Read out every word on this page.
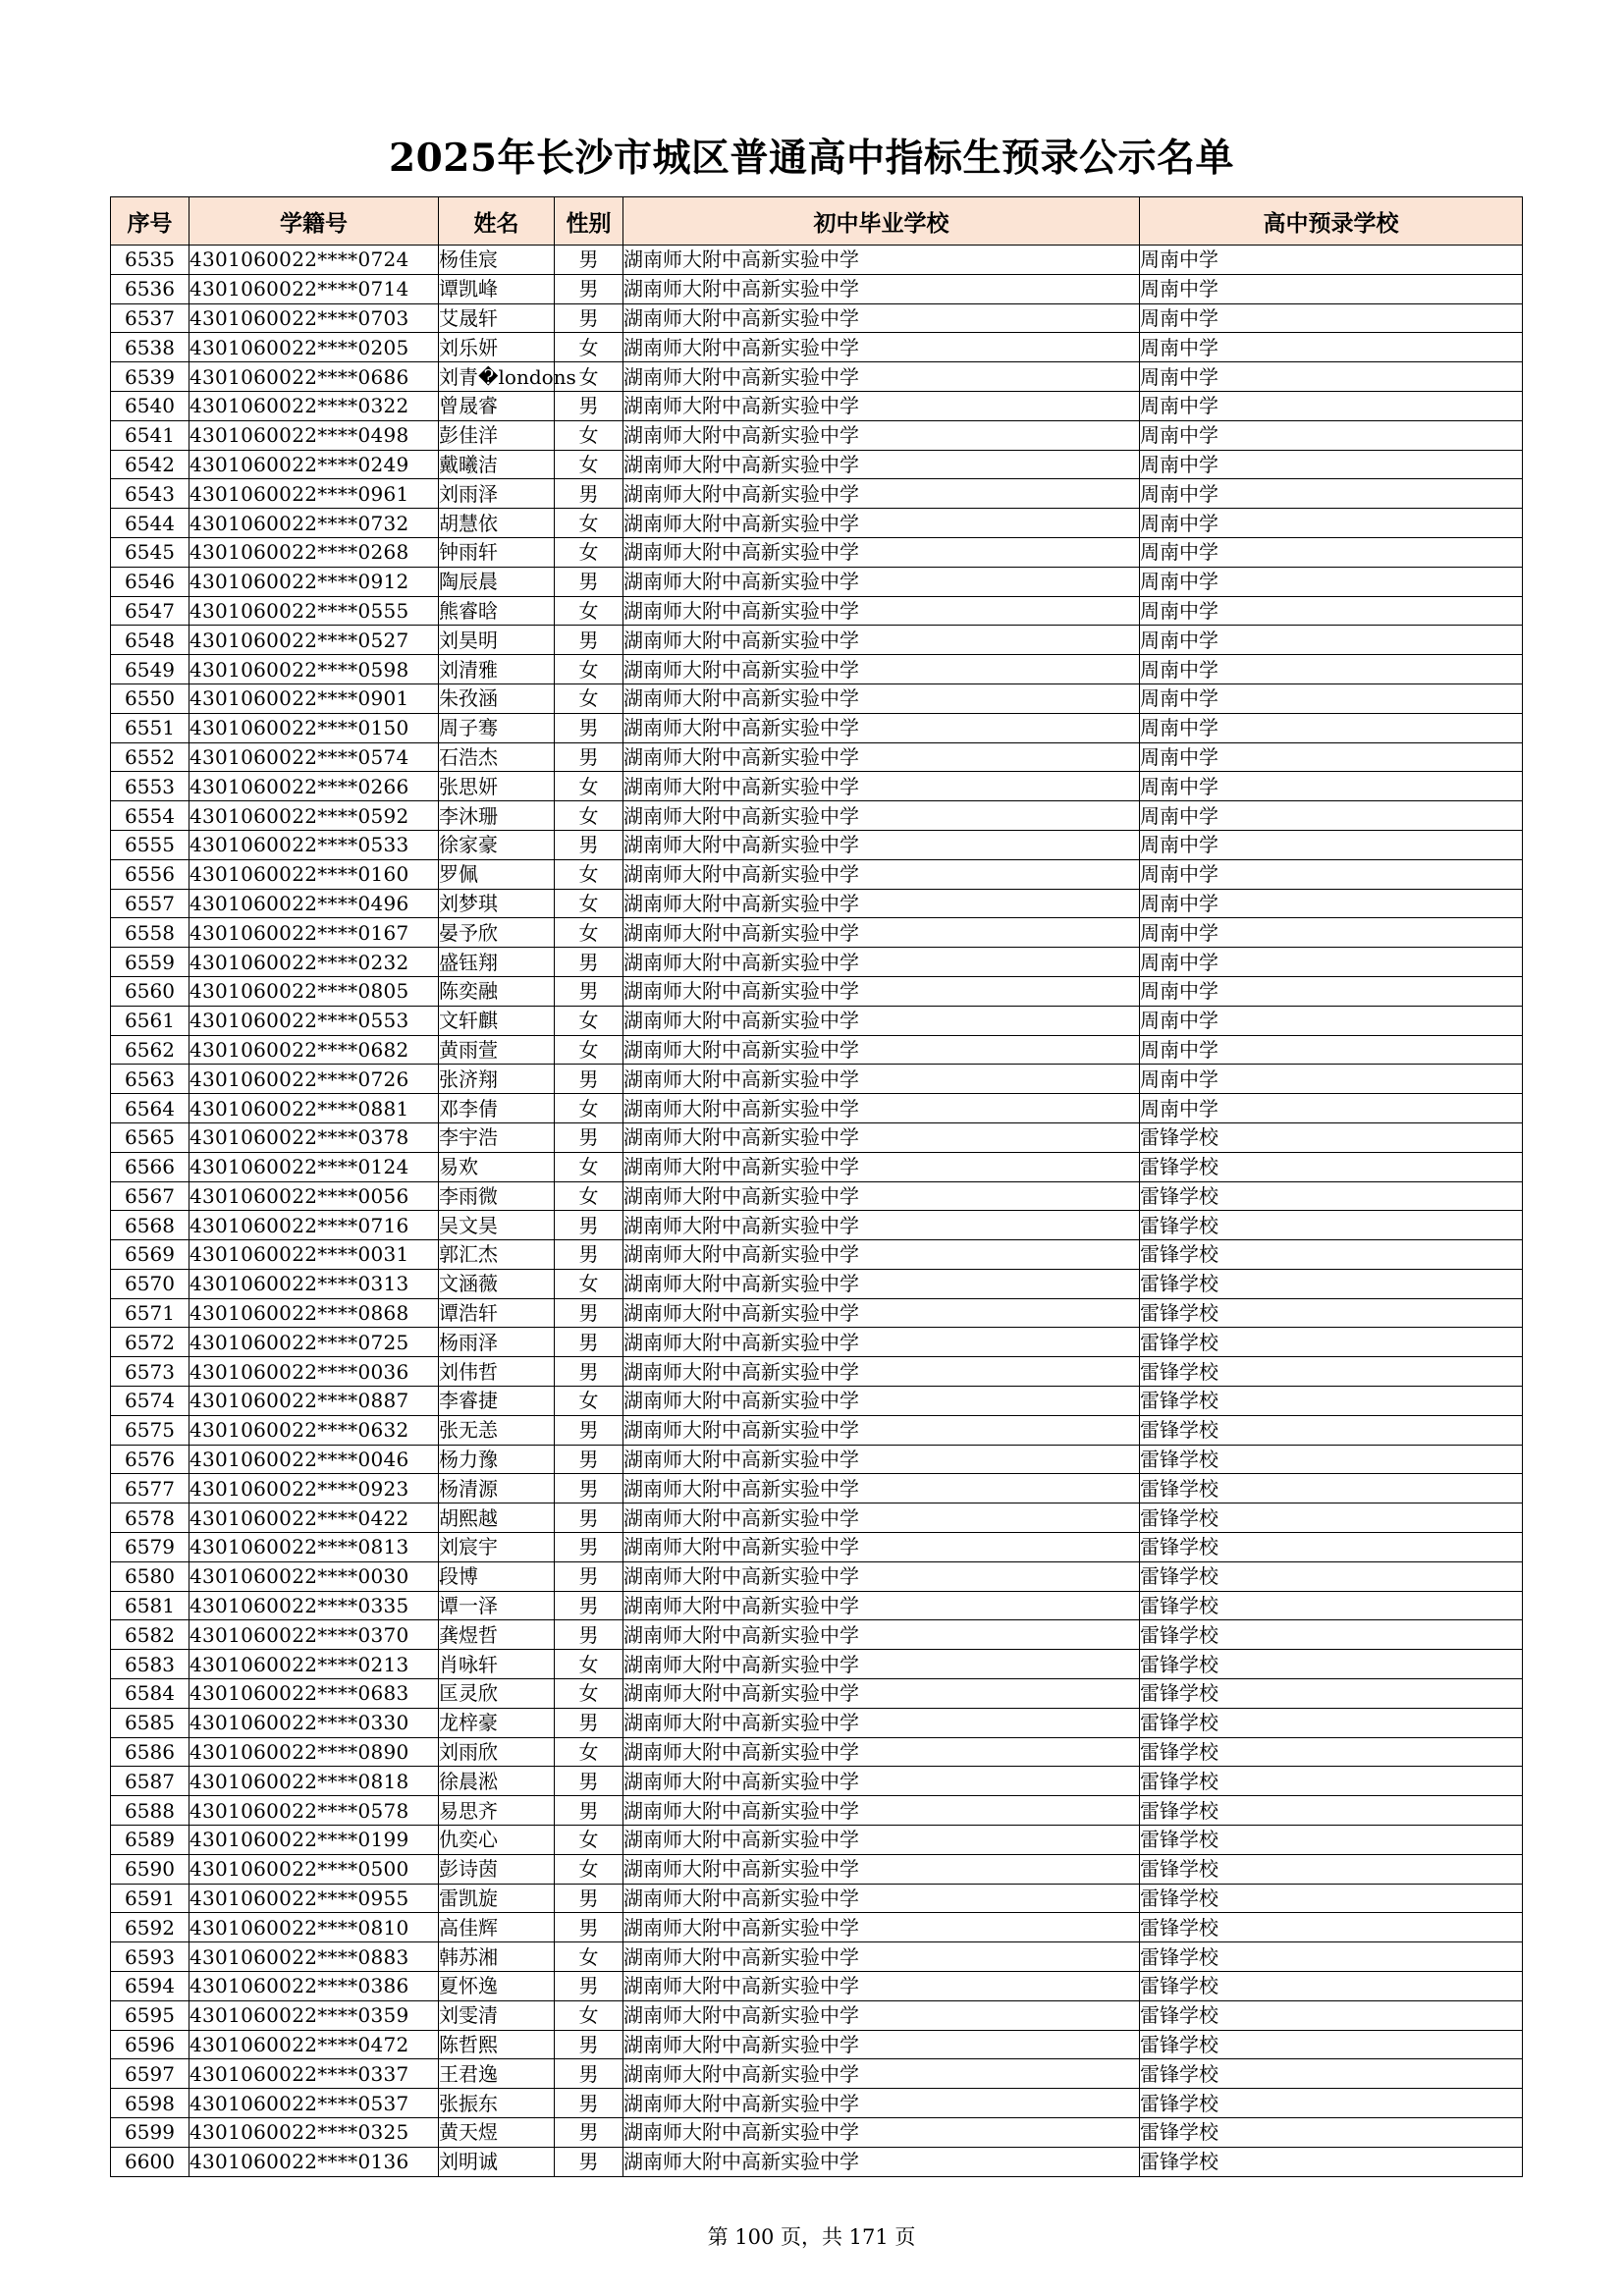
2025年长沙市城区普通高中指标生预录公示名单
序号	学籍号	姓名	性别	初中毕业学校	高中预录学校
6535	4301060022****0724	杨佳宸	男	湖南师大附中高新实验中学	周南中学
6536	4301060022****0714	谭凯峰	男	湖南师大附中高新实验中学	周南中学
6537	4301060022****0703	艾晟轩	男	湖南师大附中高新实验中学	周南中学
6538	4301060022****0205	刘乐妍	女	湖南师大附中高新实验中学	周南中学
6539	4301060022****0686	刘青�londons	女	湖南师大附中高新实验中学	周南中学
6540	4301060022****0322	曾晟睿	男	湖南师大附中高新实验中学	周南中学
6541	4301060022****0498	彭佳洋	女	湖南师大附中高新实验中学	周南中学
6542	4301060022****0249	戴曦洁	女	湖南师大附中高新实验中学	周南中学
6543	4301060022****0961	刘雨泽	男	湖南师大附中高新实验中学	周南中学
6544	4301060022****0732	胡慧依	女	湖南师大附中高新实验中学	周南中学
6545	4301060022****0268	钟雨轩	女	湖南师大附中高新实验中学	周南中学
6546	4301060022****0912	陶辰晨	男	湖南师大附中高新实验中学	周南中学
6547	4301060022****0555	熊睿晗	女	湖南师大附中高新实验中学	周南中学
6548	4301060022****0527	刘昊明	男	湖南师大附中高新实验中学	周南中学
6549	4301060022****0598	刘清雅	女	湖南师大附中高新实验中学	周南中学
6550	4301060022****0901	朱孜涵	女	湖南师大附中高新实验中学	周南中学
6551	4301060022****0150	周子骞	男	湖南师大附中高新实验中学	周南中学
6552	4301060022****0574	石浩杰	男	湖南师大附中高新实验中学	周南中学
6553	4301060022****0266	张思妍	女	湖南师大附中高新实验中学	周南中学
6554	4301060022****0592	李沐珊	女	湖南师大附中高新实验中学	周南中学
6555	4301060022****0533	徐家豪	男	湖南师大附中高新实验中学	周南中学
6556	4301060022****0160	罗佩	女	湖南师大附中高新实验中学	周南中学
6557	4301060022****0496	刘梦琪	女	湖南师大附中高新实验中学	周南中学
6558	4301060022****0167	晏予欣	女	湖南师大附中高新实验中学	周南中学
6559	4301060022****0232	盛钰翔	男	湖南师大附中高新实验中学	周南中学
6560	4301060022****0805	陈奕融	男	湖南师大附中高新实验中学	周南中学
6561	4301060022****0553	文轩麒	女	湖南师大附中高新实验中学	周南中学
6562	4301060022****0682	黄雨萱	女	湖南师大附中高新实验中学	周南中学
6563	4301060022****0726	张济翔	男	湖南师大附中高新实验中学	周南中学
6564	4301060022****0881	邓李倩	女	湖南师大附中高新实验中学	周南中学
6565	4301060022****0378	李宇浩	男	湖南师大附中高新实验中学	雷锋学校
6566	4301060022****0124	易欢	女	湖南师大附中高新实验中学	雷锋学校
6567	4301060022****0056	李雨微	女	湖南师大附中高新实验中学	雷锋学校
6568	4301060022****0716	吴文昊	男	湖南师大附中高新实验中学	雷锋学校
6569	4301060022****0031	郭汇杰	男	湖南师大附中高新实验中学	雷锋学校
6570	4301060022****0313	文涵薇	女	湖南师大附中高新实验中学	雷锋学校
6571	4301060022****0868	谭浩轩	男	湖南师大附中高新实验中学	雷锋学校
6572	4301060022****0725	杨雨泽	男	湖南师大附中高新实验中学	雷锋学校
6573	4301060022****0036	刘伟哲	男	湖南师大附中高新实验中学	雷锋学校
6574	4301060022****0887	李睿捷	女	湖南师大附中高新实验中学	雷锋学校
6575	4301060022****0632	张无恙	男	湖南师大附中高新实验中学	雷锋学校
6576	4301060022****0046	杨力豫	男	湖南师大附中高新实验中学	雷锋学校
6577	4301060022****0923	杨清源	男	湖南师大附中高新实验中学	雷锋学校
6578	4301060022****0422	胡熙越	男	湖南师大附中高新实验中学	雷锋学校
6579	4301060022****0813	刘宸宇	男	湖南师大附中高新实验中学	雷锋学校
6580	4301060022****0030	段博	男	湖南师大附中高新实验中学	雷锋学校
6581	4301060022****0335	谭一泽	男	湖南师大附中高新实验中学	雷锋学校
6582	4301060022****0370	龚煜哲	男	湖南师大附中高新实验中学	雷锋学校
6583	4301060022****0213	肖咏轩	女	湖南师大附中高新实验中学	雷锋学校
6584	4301060022****0683	匡灵欣	女	湖南师大附中高新实验中学	雷锋学校
6585	4301060022****0330	龙梓豪	男	湖南师大附中高新实验中学	雷锋学校
6586	4301060022****0890	刘雨欣	女	湖南师大附中高新实验中学	雷锋学校
6587	4301060022****0818	徐晨淞	男	湖南师大附中高新实验中学	雷锋学校
6588	4301060022****0578	易思齐	男	湖南师大附中高新实验中学	雷锋学校
6589	4301060022****0199	仇奕心	女	湖南师大附中高新实验中学	雷锋学校
6590	4301060022****0500	彭诗茵	女	湖南师大附中高新实验中学	雷锋学校
6591	4301060022****0955	雷凯旋	男	湖南师大附中高新实验中学	雷锋学校
6592	4301060022****0810	高佳辉	男	湖南师大附中高新实验中学	雷锋学校
6593	4301060022****0883	韩苏湘	女	湖南师大附中高新实验中学	雷锋学校
6594	4301060022****0386	夏怀逸	男	湖南师大附中高新实验中学	雷锋学校
6595	4301060022****0359	刘雯清	女	湖南师大附中高新实验中学	雷锋学校
6596	4301060022****0472	陈哲熙	男	湖南师大附中高新实验中学	雷锋学校
6597	4301060022****0337	王君逸	男	湖南师大附中高新实验中学	雷锋学校
6598	4301060022****0537	张振东	男	湖南师大附中高新实验中学	雷锋学校
6599	4301060022****0325	黄天煜	男	湖南师大附中高新实验中学	雷锋学校
6600	4301060022****0136	刘明诚	男	湖南师大附中高新实验中学	雷锋学校
第 100 页，共 171 页
